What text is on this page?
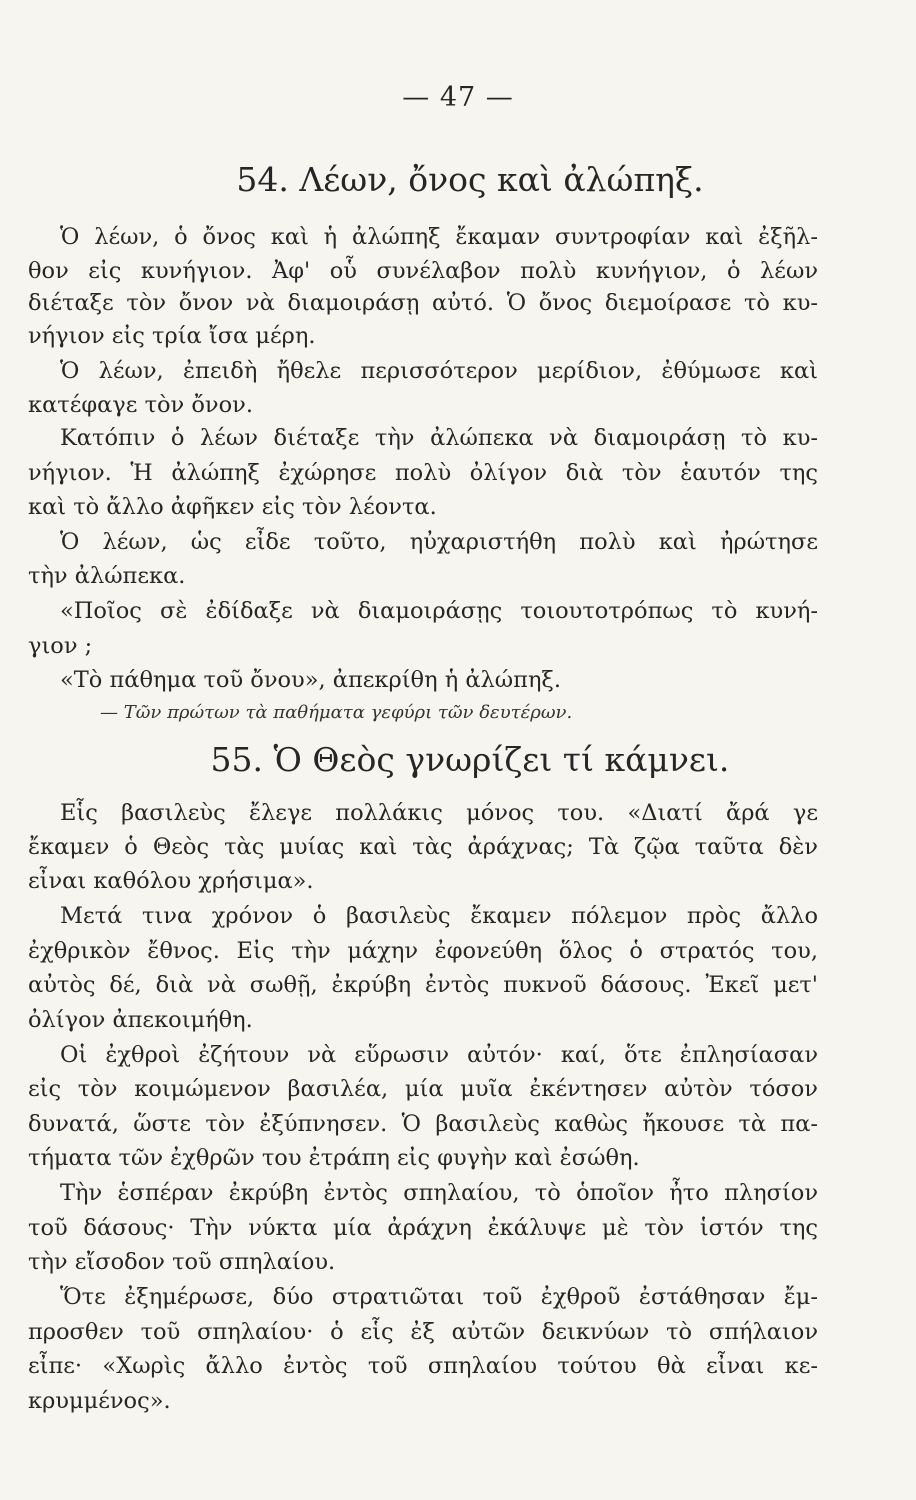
— 47 —
54. Λέων, ὄνος καὶ ἀλώπηξ.
Ὁ λέων, ὁ ὄνος καὶ ἡ ἀλώπηξ ἔκαμαν συντροφίαν καὶ ἐξῆλ-
θον εἰς κυνήγιον. Ἀφ' οὗ συνέλαβον πολὺ κυνήγιον, ὁ λέων
διέταξε τὸν ὄνον νὰ διαμοιράσῃ αὐτό. Ὁ ὄνος διεμοίρασε τὸ κυ-
νήγιον εἰς τρία ἴσα μέρη.
Ὁ λέων, ἐπειδὴ ἤθελε περισσότερον μερίδιον, ἐθύμωσε καὶ
κατέφαγε τὸν ὄνον.
Κατόπιν ὁ λέων διέταξε τὴν ἀλώπεκα νὰ διαμοιράσῃ τὸ κυ-
νήγιον. Ἡ ἀλώπηξ ἐχώρησε πολὺ ὀλίγον διὰ τὸν ἑαυτόν της
καὶ τὸ ἄλλο ἀφῆκεν εἰς τὸν λέοντα.
Ὁ λέων, ὡς εἶδε τοῦτο, ηὐχαριστήθη πολὺ καὶ ἠρώτησε
τὴν ἀλώπεκα.
«Ποῖος σὲ ἐδίδαξε νὰ διαμοιράσῃς τοιουτοτρόπως τὸ κυνή-
γιον ;
«Τὸ πάθημα τοῦ ὄνου», ἀπεκρίθη ἡ ἀλώπηξ.
— Τῶν πρώτων τὰ παθήματα γεφύρι τῶν δευτέρων.
55. Ὁ Θεὸς γνωρίζει τί κάμνει.
Εἷς βασιλεὺς ἔλεγε πολλάκις μόνος του. «Διατί ἄρά γε
ἔκαμεν ὁ Θεὸς τὰς μυίας καὶ τὰς ἀράχνας; Τὰ ζῷα ταῦτα δὲν
εἶναι καθόλου χρήσιμα».
Μετά τινα χρόνον ὁ βασιλεὺς ἔκαμεν πόλεμον πρὸς ἄλλο
ἐχθρικὸν ἔθνος. Εἰς τὴν μάχην ἐφονεύθη ὅλος ὁ στρατός του,
αὐτὸς δέ, διὰ νὰ σωθῇ, ἐκρύβη ἐντὸς πυκνοῦ δάσους. Ἐκεῖ μετ'
ὀλίγον ἀπεκοιμήθη.
Οἱ ἐχθροὶ ἐζήτουν νὰ εὕρωσιν αὐτόν· καί, ὅτε ἐπλησίασαν
εἰς τὸν κοιμώμενον βασιλέα, μία μυῖα ἐκέντησεν αὐτὸν τόσον
δυνατά, ὥστε τὸν ἐξύπνησεν. Ὁ βασιλεὺς καθὼς ἤκουσε τὰ πα-
τήματα τῶν ἐχθρῶν του ἐτράπη εἰς φυγὴν καὶ ἐσώθη.
Τὴν ἑσπέραν ἐκρύβη ἐντὸς σπηλαίου, τὸ ὁποῖον ἦτο πλησίον
τοῦ δάσους· Τὴν νύκτα μία ἀράχνη ἐκάλυψε μὲ τὸν ἱστόν της
τὴν εἴσοδον τοῦ σπηλαίου.
Ὅτε ἐξημέρωσε, δύο στρατιῶται τοῦ ἐχθροῦ ἐστάθησαν ἔμ-
προσθεν τοῦ σπηλαίου· ὁ εἷς ἐξ αὐτῶν δεικνύων τὸ σπήλαιον
εἶπε· «Χωρὶς ἄλλο ἐντὸς τοῦ σπηλαίου τούτου θὰ εἶναι κε-
κρυμμένος».
